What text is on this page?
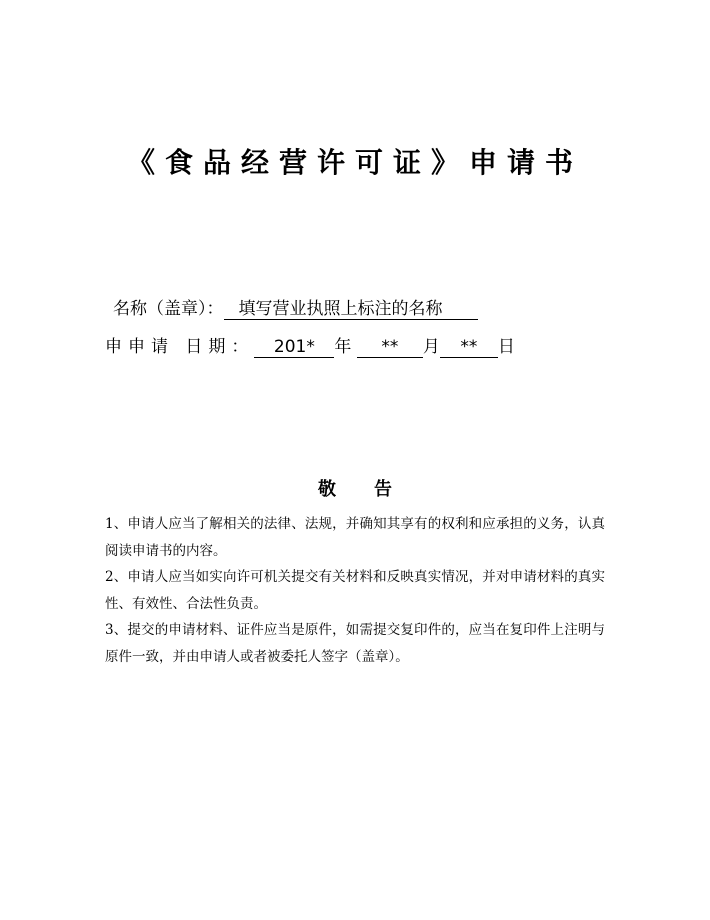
《食品经营许可证》申请书
名称（盖章）： 填写营业执照上标注的名称
申申请 日期： 201* 年 ** 月 ** 日
敬 告

1、申请人应当了解相关的法律、法规，并确知其享有的权利和应承担的义务，认真阅读申请书的内容。

2、申请人应当如实向许可机关提交有关材料和反映真实情况，并对申请材料的真实性、有效性、合法性负责。

3、提交的申请材料、证件应当是原件，如需提交复印件的，应当在复印件上注明与原件一致，并由申请人或者被委托人签字（盖章）。
